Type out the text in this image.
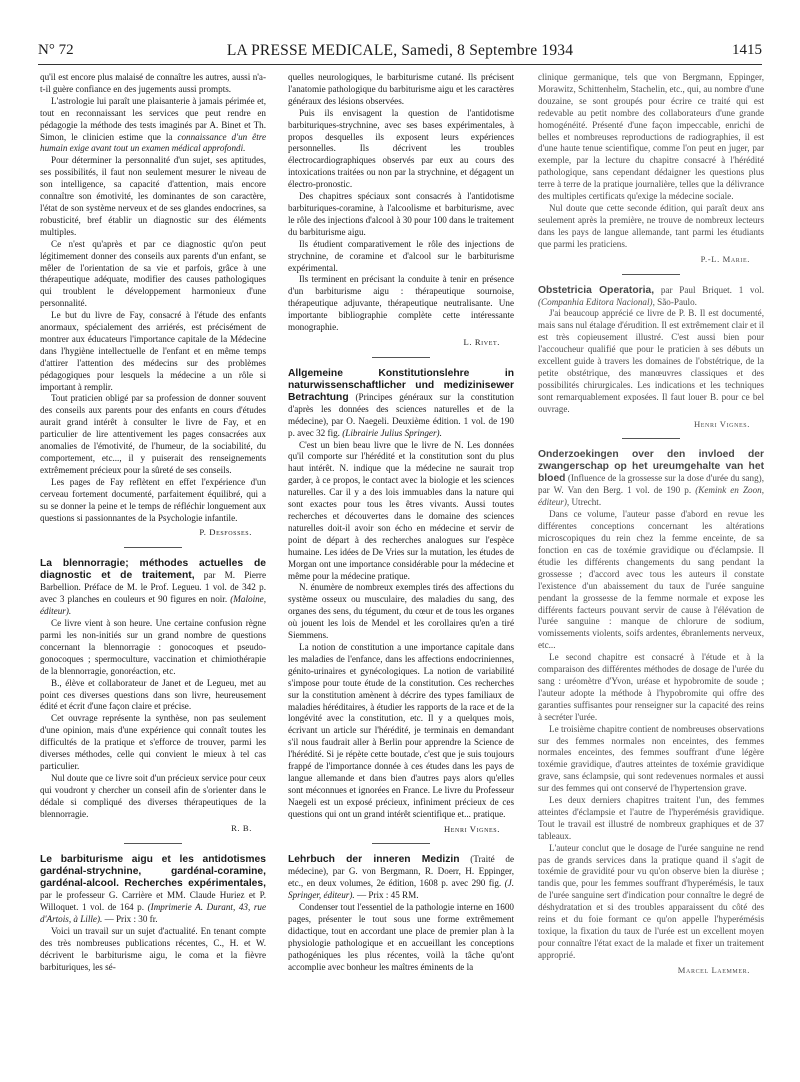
N° 72	LA PRESSE MEDICALE, Samedi, 8 Septembre 1934	1415

qu'il est encore plus malaisé de connaître les autres, aussi n'a-t-il guère confiance en des jugements aussi prompts.

L'astrologie lui paraît une plaisanterie à jamais périmée et, tout en reconnaissant les services que peut rendre en pédagogie la méthode des tests imaginés par A. Binet et Th. Simon, le clinicien estime que la connaissance d'un être humain exige avant tout un examen médical approfondi.

Pour déterminer la personnalité d'un sujet, ses aptitudes, ses possibilités, il faut non seulement mesurer le niveau de son intelligence, sa capacité d'attention, mais encore connaître son émotivité, les dominantes de son caractère, l'état de son système nerveux et de ses glandes endocrines, sa robusticité, bref établir un diagnostic sur des éléments multiples.

Ce n'est qu'après et par ce diagnostic qu'on peut légitimement donner des conseils aux parents d'un enfant, se mêler de l'orientation de sa vie et parfois, grâce à une thérapeutique adéquate, modifier des causes pathologiques qui troublent le développement harmonieux d'une personnalité.

Le but du livre de Fay, consacré à l'étude des enfants anormaux, spécialement des arriérés, est précisément de montrer aux éducateurs l'importance capitale de la Médecine dans l'hygiène intellectuelle de l'enfant et en même temps d'attirer l'attention des médecins sur des problèmes pédagogiques pour lesquels la médecine a un rôle si important à remplir.

Tout praticien obligé par sa profession de donner souvent des conseils aux parents pour des enfants en cours d'études aurait grand intérêt à consulter le livre de Fay, et en particulier de lire attentivement les pages consacrées aux anomalies de l'émotivité, de l'humeur, de la sociabilité, du comportement, etc..., il y puiserait des renseignements extrêmement précieux pour la sûreté de ses conseils.

Les pages de Fay reflètent en effet l'expérience d'un cerveau fortement documenté, parfaitement équilibré, qui a su se donner la peine et le temps de réfléchir longuement aux questions si passionnantes de la Psychologie infantile.

P. Desfosses.

La blennorragie; méthodes actuelles de diagnostic et de traitement, par M. Pierre Barbellion. Préface de M. le Prof. Legueu. 1 vol. de 342 p. avec 3 planches en couleurs et 90 figures en noir. (Maloine, éditeur).

Ce livre vient à son heure. Une certaine confusion règne parmi les non-initiés sur un grand nombre de questions concernant la blennorragie : gonocoques et pseudo-gonocoques ; spermoculture, vaccination et chimiothérapie de la blennorragie, gonoréaction, etc.

B., élève et collaborateur de Janet et de Legueu, met au point ces diverses questions dans son livre, heureusement édité et écrit d'une façon claire et précise.

Cet ouvrage représente la synthèse, non pas seulement d'une opinion, mais d'une expérience qui connaît toutes les difficultés de la pratique et s'efforce de trouver, parmi les diverses méthodes, celle qui convient le mieux à tel cas particulier.

Nul doute que ce livre soit d'un précieux service pour ceux qui voudront y chercher un conseil afin de s'orienter dans le dédale si compliqué des diverses thérapeutiques de la blennorragie.

R. B.

Le barbiturisme aigu et les antidotismes gardénal-strychnine, gardénal-coramine, gardénal-alcool. Recherches expérimentales, par le professeur G. Carrière et MM. Claude Huriez et P. Willoquet. 1 vol. de 164 p. (Imprimerie A. Durant, 43, rue d'Artois, à Lille). — Prix : 30 fr.

Voici un travail sur un sujet d'actualité. En tenant compte des très nombreuses publications récentes, C., H. et W. décrivent le barbiturisme aigu, le coma et la fièvre barbituriques, les sé-

quelles neurologiques, le barbiturisme cutané. Ils précisent l'anatomie pathologique du barbiturisme aigu et les caractères généraux des lésions observées.

Puis ils envisagent la question de l'antidotisme barbituriques-strychnine, avec ses bases expérimentales, à propos desquelles ils exposent leurs expériences personnelles. Ils décrivent les troubles électrocardiographiques observés par eux au cours des intoxications traitées ou non par la strychnine, et dégagent un électro-pronostic.

Des chapitres spéciaux sont consacrés à l'antidotisme barbituriques-coramine, à l'alcoolisme et barbiturisme, avec le rôle des injections d'alcool à 30 pour 100 dans le traitement du barbiturisme aigu.

Ils étudient comparativement le rôle des injections de strychnine, de coramine et d'alcool sur le barbiturisme expérimental.

Ils terminent en précisant la conduite à tenir en présence d'un barbiturisme aigu : thérapeutique sournoise, thérapeutique adjuvante, thérapeutique neutralisante. Une importante bibliographie complète cette intéressante monographie.

L. Rivet.

Allgemeine Konstitutionslehre in naturwissenschaftlicher und medizinisewer Betrachtung (Principes généraux sur la constitution d'après les données des sciences naturelles et de la médecine), par O. Naegeli. Deuxième édition. 1 vol. de 190 p. avec 32 fig. (Librairie Julius Springer).

C'est un bien beau livre que le livre de N. Les données qu'il comporte sur l'hérédité et la constitution sont du plus haut intérêt. N. indique que la médecine ne saurait trop garder, à ce propos, le contact avec la biologie et les sciences naturelles. Car il y a des lois immuables dans la nature qui sont exactes pour tous les êtres vivants. Aussi toutes recherches et découvertes dans le domaine des sciences naturelles doit-il avoir son écho en médecine et servir de point de départ à des recherches analogues sur l'espèce humaine. Les idées de De Vries sur la mutation, les études de Morgan ont une importance considérable pour la médecine et même pour la médecine pratique.

N. énumère de nombreux exemples tirés des affections du système osseux ou musculaire, des maladies du sang, des organes des sens, du tégument, du cœur et de tous les organes où jouent les lois de Mendel et les corollaires qu'en a tiré Siemmens.

La notion de constitution a une importance capitale dans les maladies de l'enfance, dans les affections endocriniennes, génito-urinaires et gynécologiques. La notion de variabilité s'impose pour toute étude de la constitution. Ces recherches sur la constitution amènent à décrire des types familiaux de maladies héréditaires, à étudier les rapports de la race et de la longévité avec la constitution, etc. Il y a quelques mois, écrivant un article sur l'hérédité, je terminais en demandant s'il nous faudrait aller à Berlin pour apprendre la Science de l'hérédité. Si je répète cette boutade, c'est que je suis toujours frappé de l'importance donnée à ces études dans les pays de langue allemande et dans bien d'autres pays alors qu'elles sont méconnues et ignorées en France. Le livre du Professeur Naegeli est un exposé précieux, infiniment précieux de ces questions qui ont un grand intérêt scientifique et... pratique.

Henri Vignes.

Lehrbuch der inneren Medizin (Traité de médecine), par G. von Bergmann, R. Doerr, H. Eppinger, etc., en deux volumes, 2e édition, 1608 p. avec 290 fig. (J. Springer, éditeur). — Prix : 45 RM.

Condenser tout l'essentiel de la pathologie interne en 1600 pages, présenter le tout sous une forme extrêmement didactique, tout en accordant une place de premier plan à la physiologie pathologique et en accueillant les conceptions pathogéniques les plus récentes, voilà la tâche qu'ont accomplie avec bonheur les maîtres éminents de la

clinique germanique, tels que von Bergmann, Eppinger, Morawitz, Schittenhelm, Stachelin, etc., qui, au nombre d'une douzaine, se sont groupés pour écrire ce traité qui est redevable au petit nombre des collaborateurs d'une grande homogénéité. Présenté d'une façon impeccable, enrichi de belles et nombreuses reproductions de radiographies, il est d'une haute tenue scientifique, comme l'on peut en juger, par exemple, par la lecture du chapitre consacré à l'hérédité pathologique, sans cependant dédaigner les questions plus terre à terre de la pratique journalière, telles que la délivrance des multiples certificats qu'exige la médecine sociale.

Nul doute que cette seconde édition, qui paraît deux ans seulement après la première, ne trouve de nombreux lecteurs dans les pays de langue allemande, tant parmi les étudiants que parmi les praticiens.

P.-L. Marie.

Obstetricia Operatoria, par Paul Briquet. 1 vol. (Companhia Editora Nacional), São-Paulo.

J'ai beaucoup apprécié ce livre de P. B. Il est documenté, mais sans nul étalage d'érudition. Il est extrêmement clair et il est très copieusement illustré. C'est aussi bien pour l'accoucheur qualifié que pour le praticien à ses débuts un excellent guide à travers les domaines de l'obstétrique, de la petite obstétrique, des manœuvres classiques et des possibilités chirurgicales. Les indications et les techniques sont remarquablement exposées. Il faut louer B. pour ce bel ouvrage.

Henri Vignes.

Onderzoekingen over den invloed der zwangerschap op het ureumgehalte van het bloed (Influence de la grossesse sur la dose d'urée du sang), par W. Van den Berg. 1 vol. de 190 p. (Kemink en Zoon, éditeur), Utrecht.

Dans ce volume, l'auteur passe d'abord en revue les différentes conceptions concernant les altérations microscopiques du rein chez la femme enceinte, de sa fonction en cas de toxémie gravidique ou d'éclampsie. Il étudie les différents changements du sang pendant la grossesse ; d'accord avec tous les auteurs il constate l'existence d'un abaissement du taux de l'urée sanguine pendant la grossesse de la femme normale et expose les différents facteurs pouvant servir de cause à l'élévation de l'urée sanguine : manque de chlorure de sodium, vomissements violents, soifs ardentes, ébranlements nerveux, etc...

Le second chapitre est consacré à l'étude et à la comparaison des différentes méthodes de dosage de l'urée du sang : uréomètre d'Yvon, uréase et hypobromite de soude ; l'auteur adopte la méthode à l'hypobromite qui offre des garanties suffisantes pour renseigner sur la capacité des reins à secréter l'urée.

Le troisième chapitre contient de nombreuses observations sur des femmes normales non enceintes, des femmes normales enceintes, des femmes souffrant d'une légère toxémie gravidique, d'autres atteintes de toxémie gravidique grave, sans éclampsie, qui sont redevenues normales et aussi sur des femmes qui ont conservé de l'hypertension grave.

Les deux derniers chapitres traitent l'un, des femmes atteintes d'éclampsie et l'autre de l'hyperémésis gravidique. Tout le travail est illustré de nombreux graphiques et de 37 tableaux.

L'auteur conclut que le dosage de l'urée sanguine ne rend pas de grands services dans la pratique quand il s'agit de toxémie de gravidité pour vu qu'on observe bien la diurèse ; tandis que, pour les femmes souffrant d'hyperémésis, le taux de l'urée sanguine sert d'indication pour connaître le degré de déshydratation et si des troubles apparaissent du côté des reins et du foie formant ce qu'on appelle l'hyperémésis toxique, la fixation du taux de l'urée est un excellent moyen pour connaître l'état exact de la malade et fixer un traitement approprié.

Marcel Laemmer.
